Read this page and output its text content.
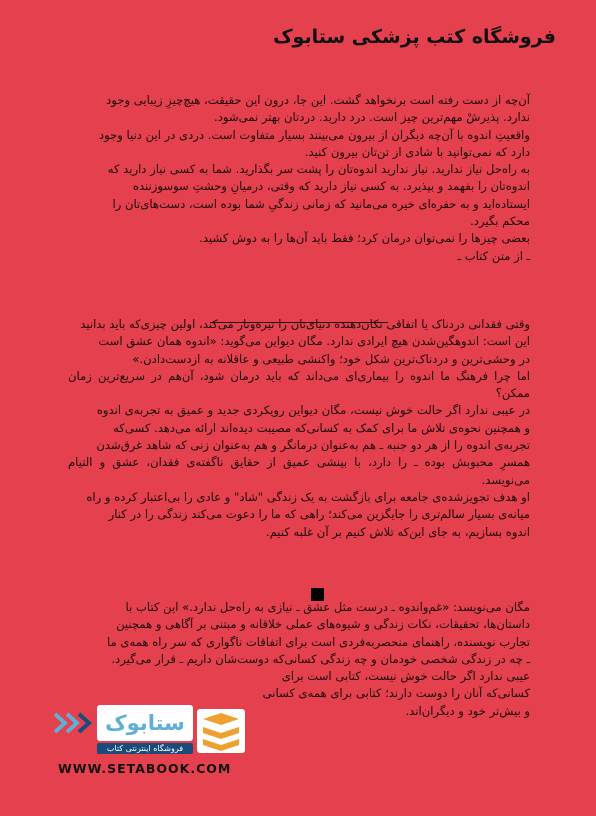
فروشگاه کتب پزشکی ستابوک

آن‌چه از دست رفته است برنخواهد گشت. این جا، درون این حقیقت، هیچ‌چیزِ زیبایی وجود

ندارد. پذیرشْ مهم‌ترین چیز است. درد دارید. دردتان بهتر نمی‌شود.

واقعیتِ اندوه با آن‌چه دیگران از بیرون می‌بینند بسیار متفاوت است. دردی در این دنیا وجود

دارد که نمی‌توانید با شادی از تن‌تان بیرون کنید.

به راه‌حل نیاز ندارید. نیاز ندارید اندوه‌تان را پشت سر بگذارید. شما به کسی نیاز دارید که

اندوه‌تان را بفهمد و بپذیرد. به کسی نیاز دارید که وقتی، درمیانِ وحشتِ سوسوزننده

ایستاده‌اید و به حفره‌ای خیره می‌مانید که زمانی زندگیِ شما بوده است، دست‌های‌تان را

محکم بگیرد.

بعضی چیزها را نمی‌توان درمان کرد؛ فقط باید آن‌ها را به دوش کشید.

ـ از متن کتاب ـ

وقتی فقدانی دردناک یا اتفاقی تکان‌دهنده دنیای‌تان را تیره‌وتار می‌کند، اولین چیزی‌که باید بدانید

این است: اندوهگین‌شدن هیچ ایرادی ندارد. مگان دیواین می‌گوید: «اندوه همان عشق است

در وحشی‌ترین و دردناک‌ترین شکل خود؛ واکنشی طبیعی و عاقلانه به ازدست‌دادن.»

اما چرا فرهنگ ما اندوه را بیماری‌ای می‌داند که باید درمان شود، آن‌هم در سریع‌ترین زمان ممکن؟

در عیبی ندارد اگر حالت خوش نیست، مگان دیواین رویکردی جدید و عمیق به تجربه‌ی اندوه

و همچنین نحوه‌ی تلاش ما برای کمک به کسانی‌که مصیبت دیده‌اند ارائه می‌دهد. کسی‌که

تجربه‌ی اندوه را از هر دو جنبه ـ هم به‌عنوان درمانگر و هم به‌عنوان زنی که شاهد غرق‌شدن

همسرِ محبوبش بوده ـ را دارد، با بینشی عمیق از حقایق ناگفته‌ی فقدان، عشق و التیام می‌نویسد.

او هدف تجویزشده‌ی جامعه برای بازگشت به یک زندگی "شاد" و عادی را بی‌اعتبار کرده و راه

میانه‌ی بسیار سالم‌تری را جایگزین می‌کند؛ راهی که ما را دعوت می‌کند زندگی را در کنار

اندوه بسازیم، به جای این‌که تلاش کنیم بر آن غلبه کنیم.

مگان می‌نویسد: «غم‌واندوه ـ درست مثل عشق ـ نیازی به راه‌حل ندارد.» این کتاب با

داستان‌ها، تحقیقات، نکات زندگی و شیوه‌های عملی خلاقانه و مبتنی بر آگاهی و همچنین

تجارب نویسنده، راهنمای منحصربه‌فردی است برای اتفاقات ناگواری که سر راه همه‌ی ما

ـ چه در زندگی شخصی خودمان و چه زندگی کسانی‌که دوست‌شان داریم ـ قرار می‌گیرد.

عیبی ندارد اگر حالت خوش نیست، کتابی است برای

کسانی‌که آنان را دوست دارند؛ کتابی برای همه‌ی کسانی

و بیش‌تر خود و دیگران‌اند.

ستابوک
فروشگاه اینترنتی کتاب
WWW.SETABOOK.COM
